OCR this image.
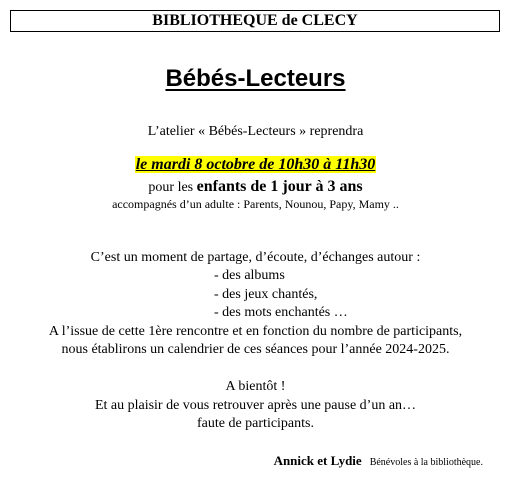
BIBLIOTHEQUE de CLECY
Bébés-Lecteurs
L’atelier « Bébés-Lecteurs » reprendra
le mardi 8 octobre de 10h30 à 11h30
pour les enfants de 1 jour à 3 ans
accompagnés d’un adulte : Parents, Nounou, Papy, Mamy ..
C’est un moment de partage, d’écoute, d’échanges autour :
- des albums
- des jeux chantés,
- des mots enchantés …
A l’issue de cette 1ère rencontre et en fonction du nombre de participants,
nous établirons un calendrier de ces séances pour l’année 2024-2025.
A bientôt !
Et au plaisir de vous retrouver après une pause d’un an…
faute de participants.
Annick et Lydie Bénévoles à la bibliothèque.
